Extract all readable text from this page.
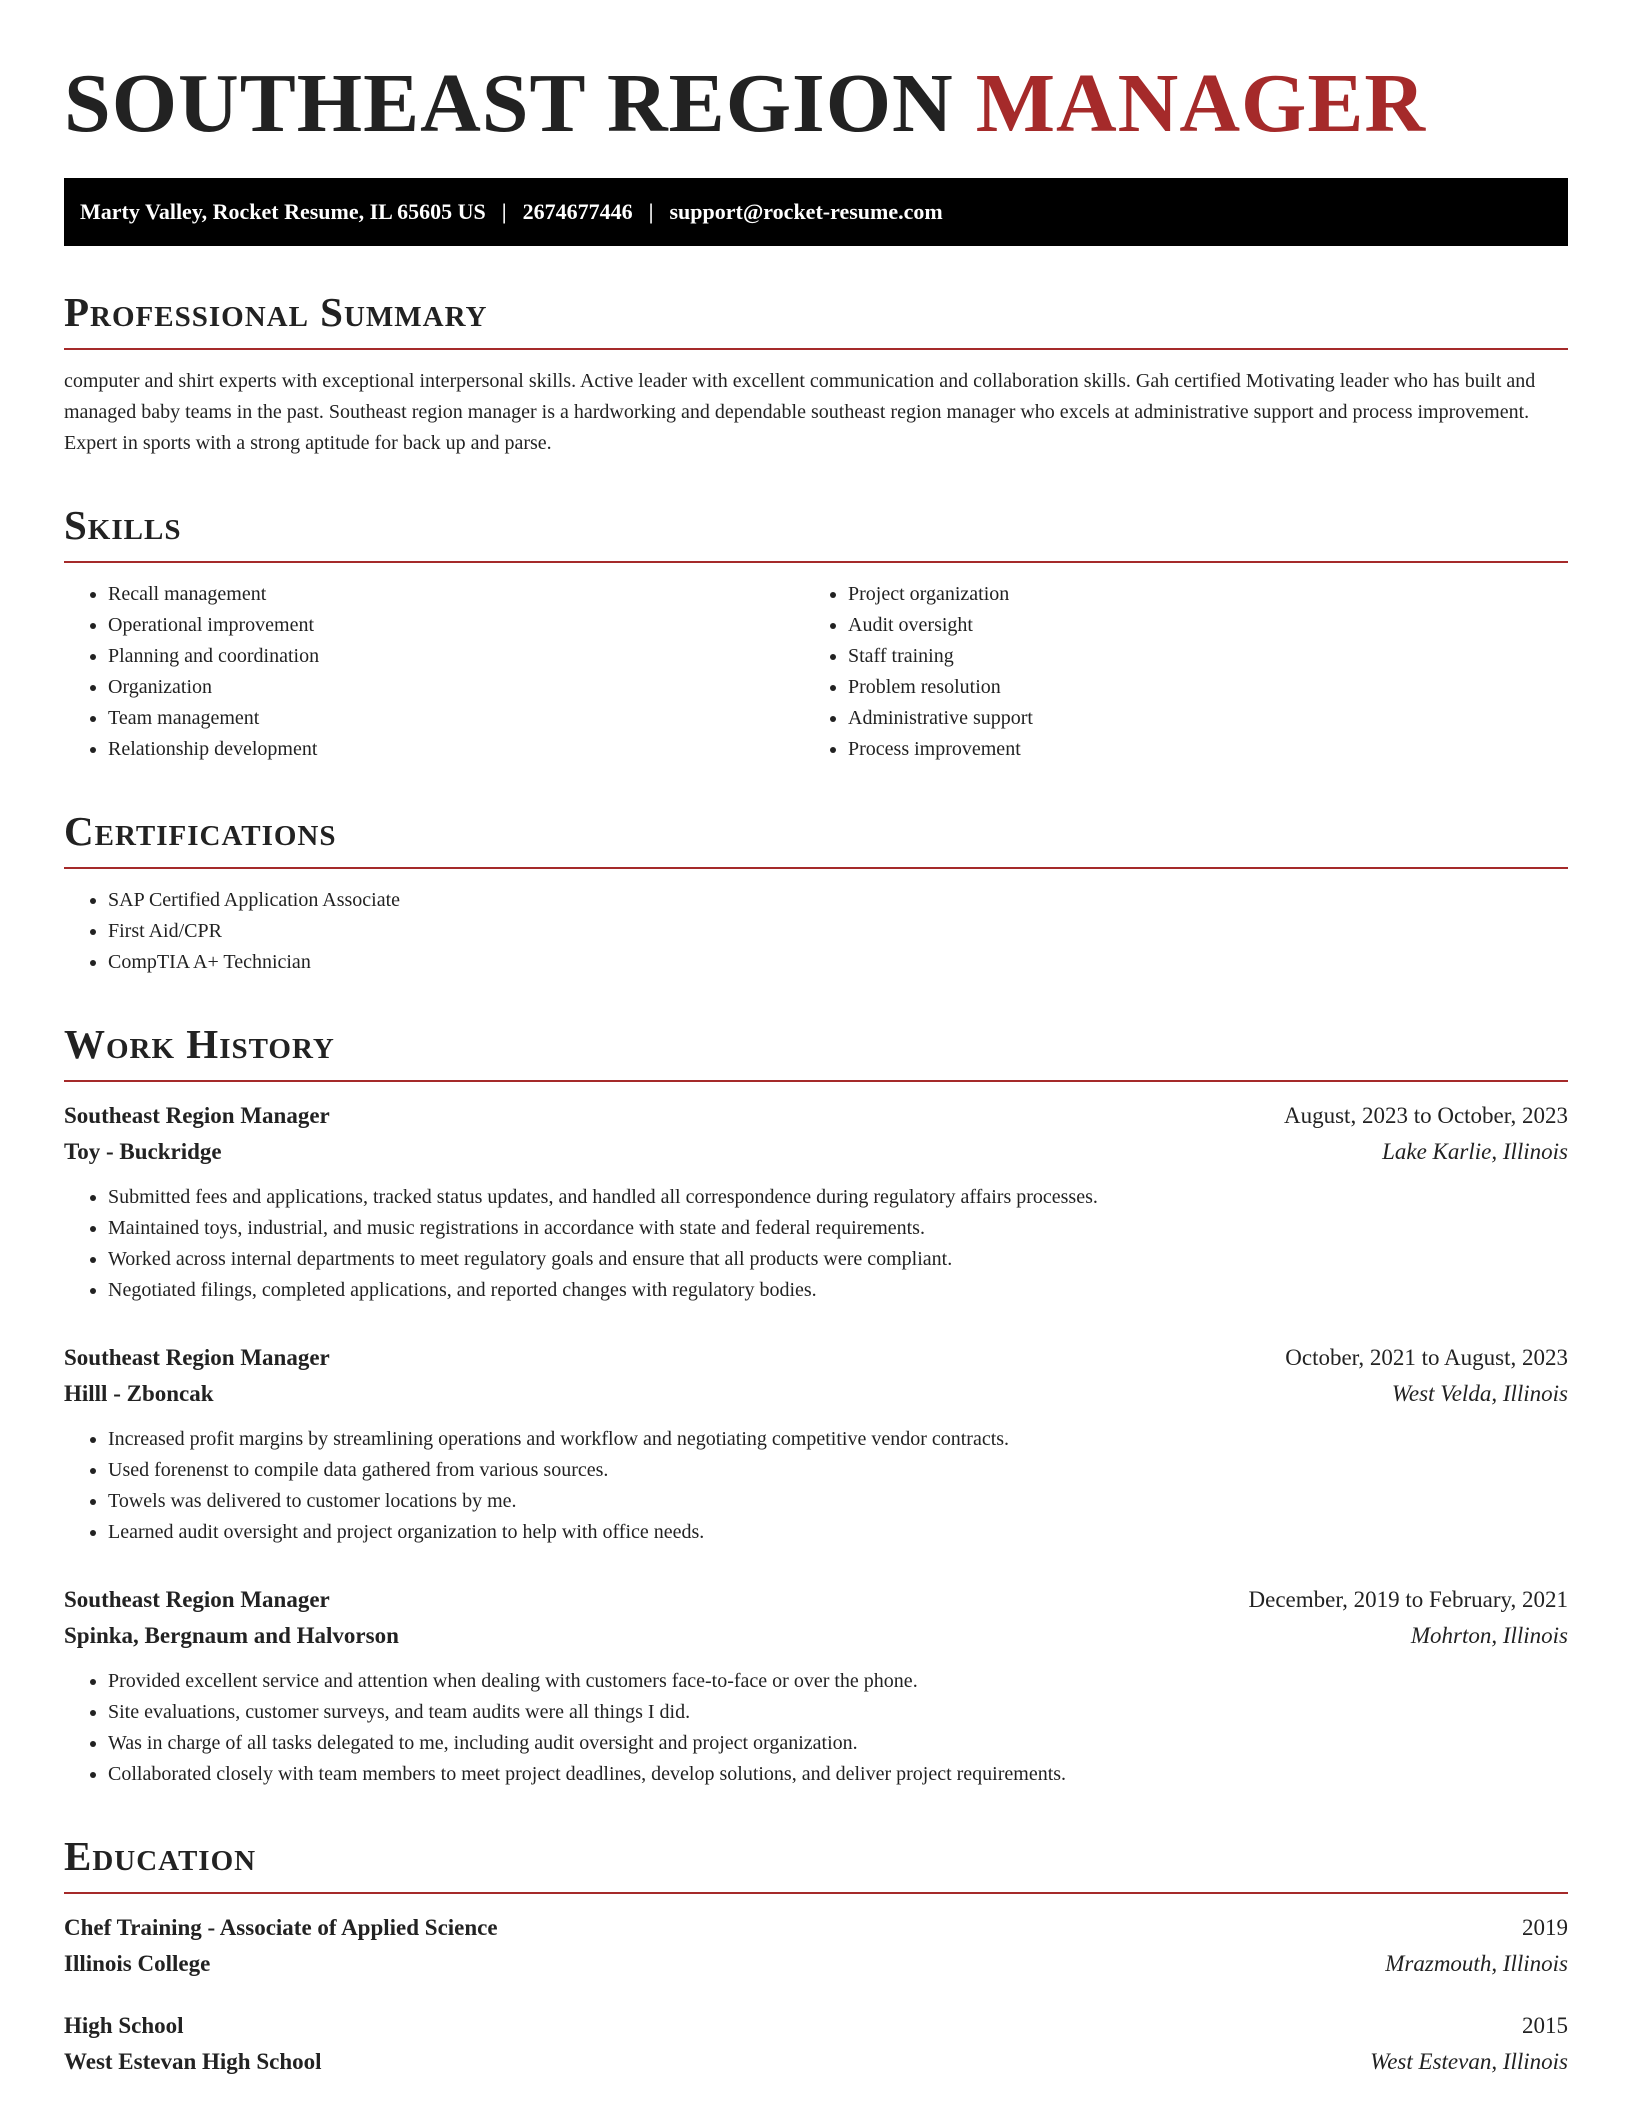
SOUTHEAST REGION MANAGER
Marty Valley, Rocket Resume, IL 65605 US | 2674677446 | support@rocket-resume.com
Professional Summary

computer and shirt experts with exceptional interpersonal skills. Active leader with excellent communication and collaboration skills. Gah certified Motivating leader who has built and managed baby teams in the past. Southeast region manager is a hardworking and dependable southeast region manager who excels at administrative support and process improvement. Expert in sports with a strong aptitude for back up and parse.

Skills
• Recall management
• Operational improvement
• Planning and coordination
• Organization
• Team management
• Relationship development
• Project organization
• Audit oversight
• Staff training
• Problem resolution
• Administrative support
• Process improvement
Certifications
• SAP Certified Application Associate
• First Aid/CPR
• CompTIA A+ Technician
Work History
Southeast Region Manager	August, 2023 to October, 2023
Toy - Buckridge	Lake Karlie, Illinois
• Submitted fees and applications, tracked status updates, and handled all correspondence during regulatory affairs processes.
• Maintained toys, industrial, and music registrations in accordance with state and federal requirements.
• Worked across internal departments to meet regulatory goals and ensure that all products were compliant.
• Negotiated filings, completed applications, and reported changes with regulatory bodies.
Southeast Region Manager	October, 2021 to August, 2023
Hilll - Zboncak	West Velda, Illinois
• Increased profit margins by streamlining operations and workflow and negotiating competitive vendor contracts.
• Used forenenst to compile data gathered from various sources.
• Towels was delivered to customer locations by me.
• Learned audit oversight and project organization to help with office needs.
Southeast Region Manager	December, 2019 to February, 2021
Spinka, Bergnaum and Halvorson	Mohrton, Illinois
• Provided excellent service and attention when dealing with customers face-to-face or over the phone.
• Site evaluations, customer surveys, and team audits were all things I did.
• Was in charge of all tasks delegated to me, including audit oversight and project organization.
• Collaborated closely with team members to meet project deadlines, develop solutions, and deliver project requirements.
Education
Chef Training - Associate of Applied Science	2019
Illinois College	Mrazmouth, Illinois
High School	2015
West Estevan High School	West Estevan, Illinois
